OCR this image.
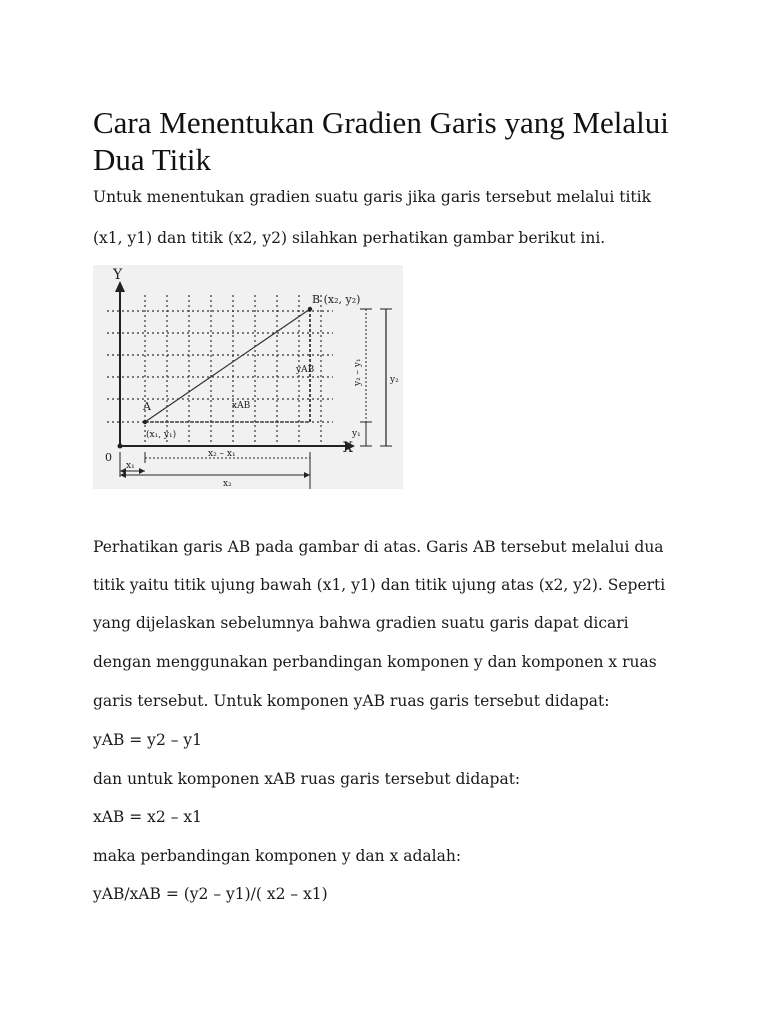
Cara Menentukan Gradien Garis yang Melalui Dua Titik

Untuk menentukan gradien suatu garis jika garis tersebut melalui titik

(x1, y1) dan titik (x2, y2) silahkan perhatikan gambar berikut ini.

Y
X
0
B (x₂, y₂)
A
(x₁, y₁)
yAB
xAB
x₂ – x₁
x₁
x₂
y₂ – y₁
y₁
y₂

Perhatikan garis AB pada gambar di atas. Garis AB tersebut melalui dua

titik yaitu titik ujung bawah (x1, y1) dan titik ujung atas (x2, y2). Seperti

yang dijelaskan sebelumnya bahwa gradien suatu garis dapat dicari

dengan menggunakan perbandingan komponen y dan komponen x ruas

garis tersebut. Untuk komponen yAB ruas garis tersebut didapat:

yAB = y2 – y1

dan untuk komponen xAB ruas garis tersebut didapat:

xAB = x2 – x1

maka perbandingan komponen y dan x adalah:

yAB/xAB = (y2 – y1)/( x2 – x1)
